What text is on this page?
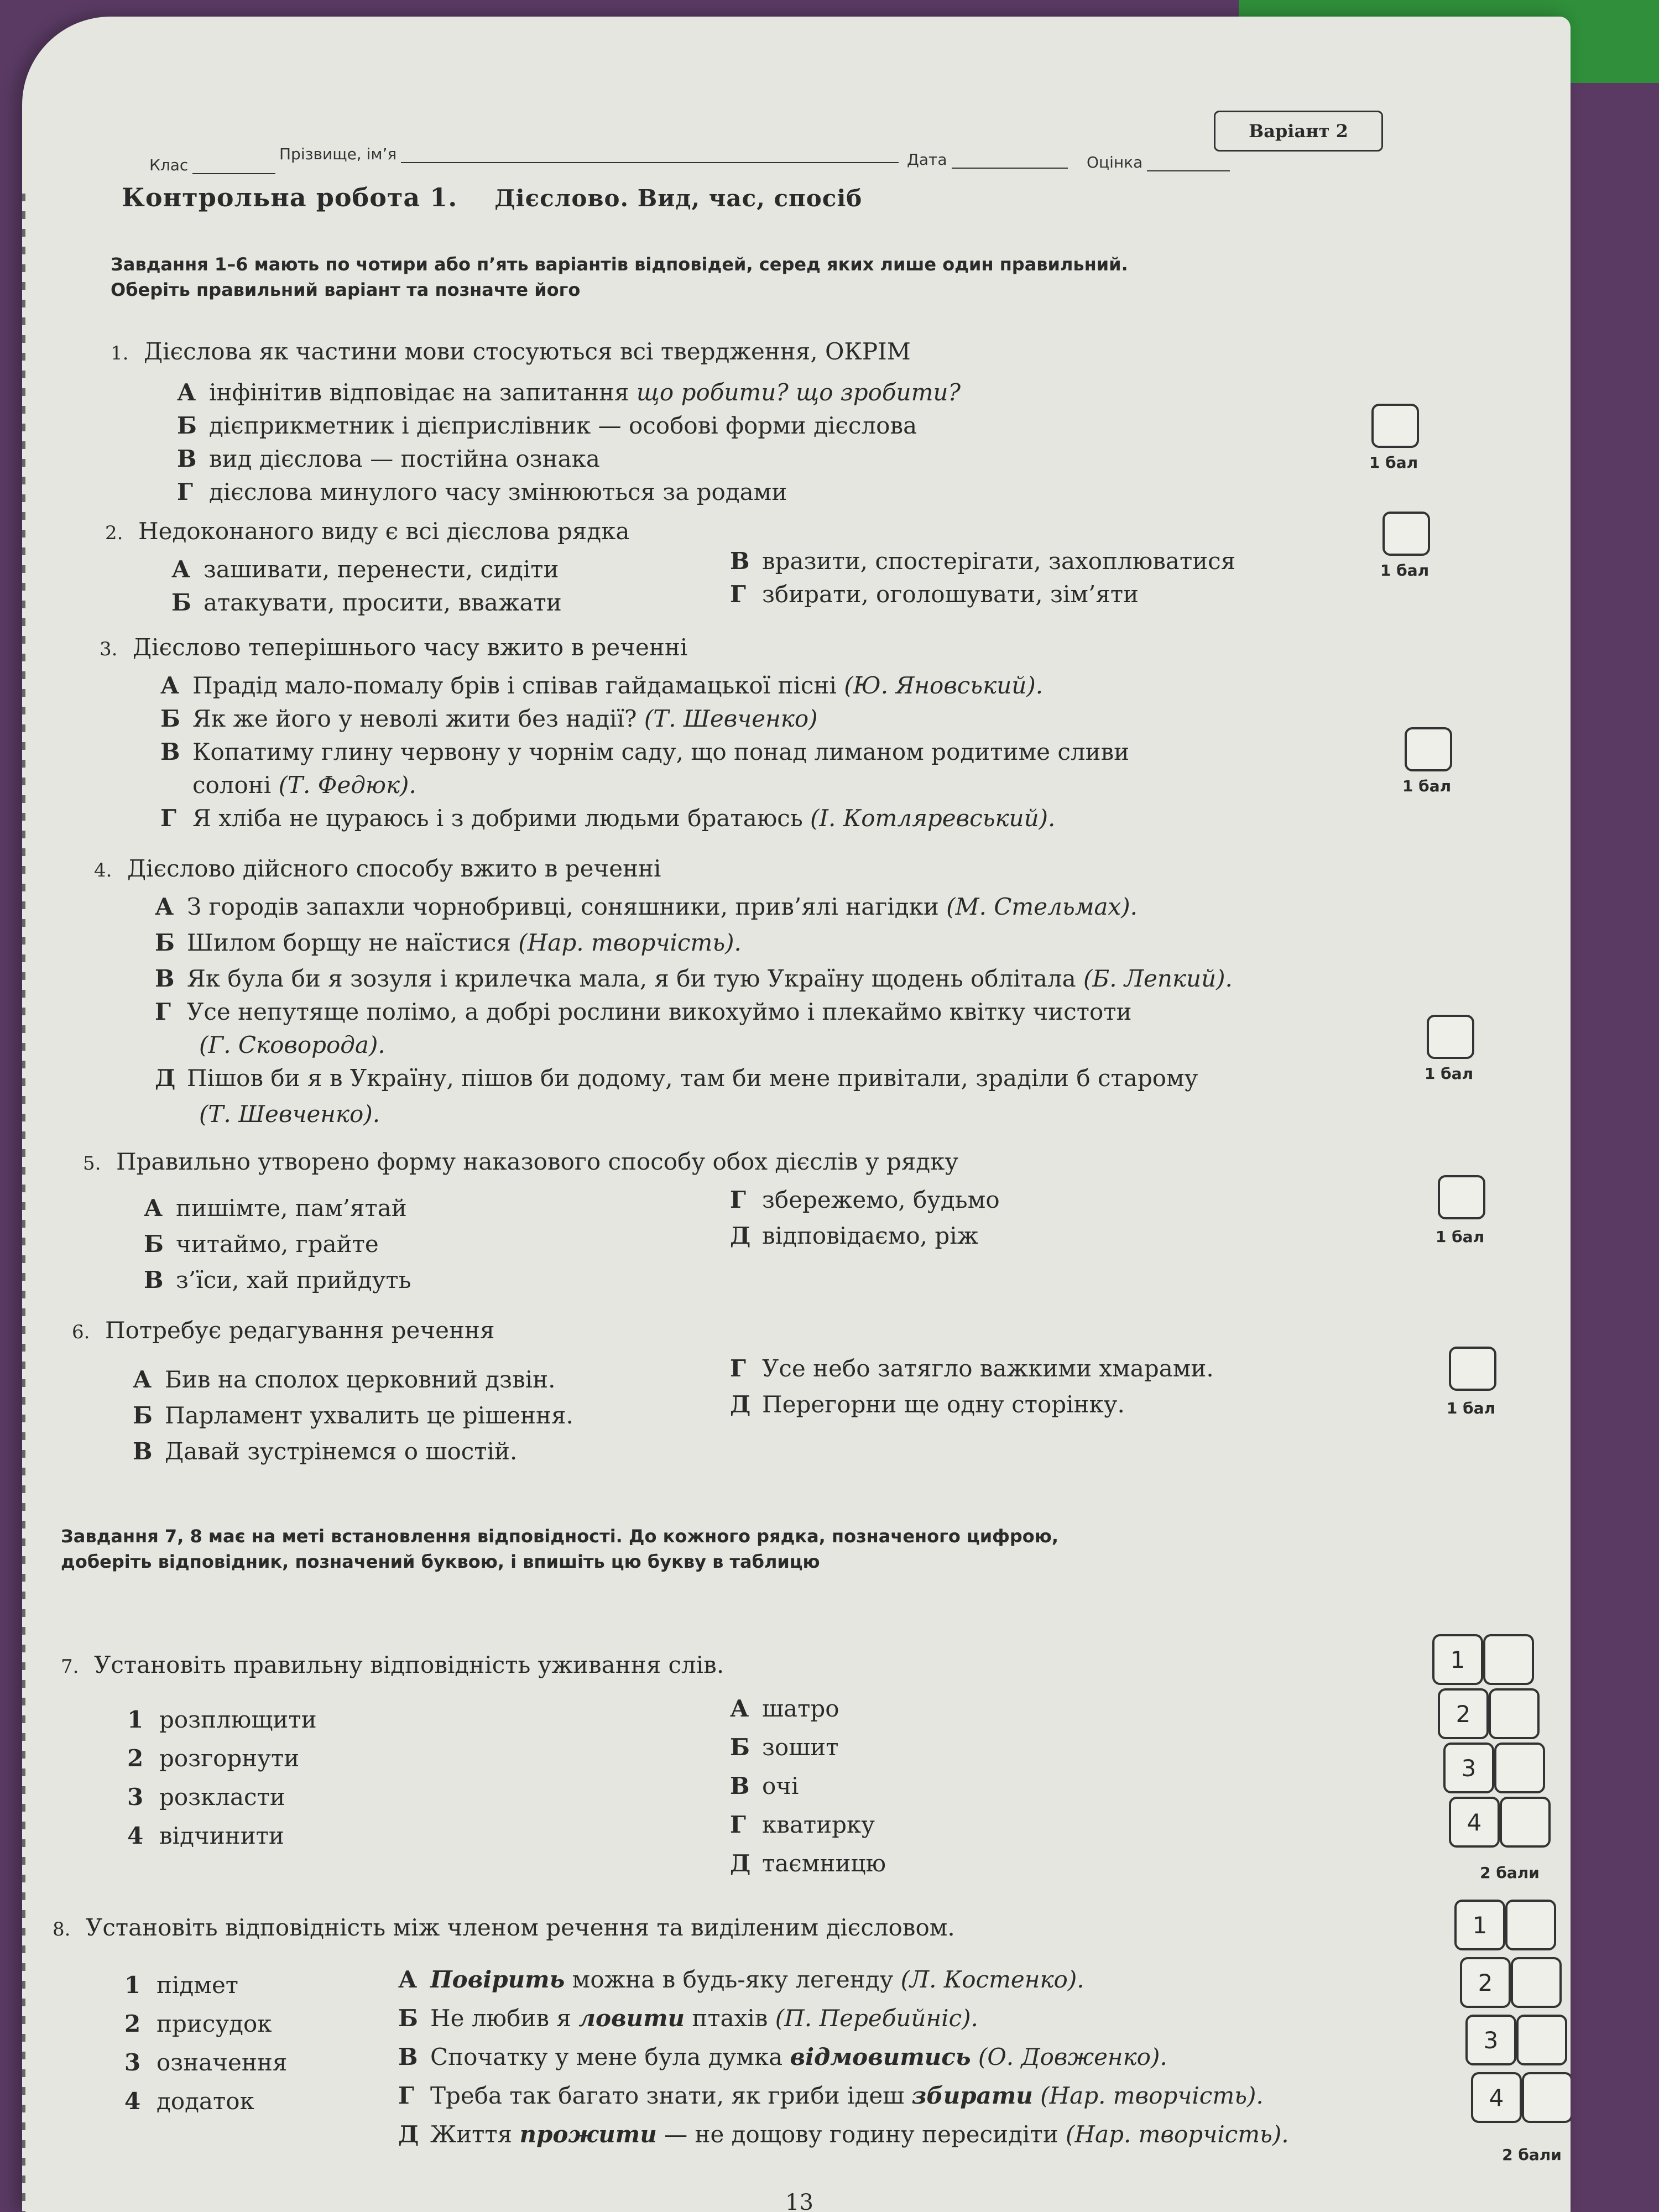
Клас
Прізвище, ім’я	Дата	Оцінка
Варіант 2
Контрольна робота 1. Дієслово. Вид, час, спосіб
Завдання 1–6 мають по чотири або п’ять варіантів відповідей, серед яких лише один правильний.
Оберіть правильний варіант та позначте його
1. Дієслова як частини мови стосуються всі твердження, ОКРІМ
А інфінітив відповідає на запитання що робити? що зробити?
Б дієприкметник і дієприслівник — особові форми дієслова
В вид дієслова — постійна ознака
Г дієслова минулого часу змінюються за родами
1 бал
2. Недоконаного виду є всі дієслова рядка
А зашивати, перенести, сидіти
Б атакувати, просити, вважати
В вразити, спостерігати, захоплюватися
Г збирати, оголошувати, зім’яти
1 бал
3. Дієслово теперішнього часу вжито в реченні
А Прадід мало-помалу брів і співав гайдамацької пісні (Ю. Яновський).
Б Як же його у неволі жити без надії? (Т. Шевченко)
В Копатиму глину червону у чорнім саду, що понад лиманом родитиме сливи
солоні (Т. Федюк).
Г Я хліба не цураюсь і з добрими людьми братаюсь (І. Котляревський).
1 бал
4. Дієслово дійсного способу вжито в реченні
А З городів запахли чорнобривці, соняшники, прив’ялі нагідки (М. Стельмах).
Б Шилом борщу не наїстися (Нар. творчість).
В Як була би я зозуля і крилечка мала, я би тую Україну щодень облітала (Б. Лепкий).
Г Усе непутяще полімо, а добрі рослини викохуймо і плекаймо квітку чистоти
(Г. Сковорода).
Д Пішов би я в Україну, пішов би додому, там би мене привітали, зраділи б старому
(Т. Шевченко).
1 бал
5. Правильно утворено форму наказового способу обох дієслів у рядку
А пишімте, пам’ятай
Б читаймо, грайте
В з’їси, хай прийдуть
Г збережемо, будьмо
Д відповідаємо, ріж	1 бал
6. Потребує редагування речення
А Бив на сполох церковний дзвін.
Б Парламент ухвалить це рішення.
В Давай зустрінемся о шостій.
Г Усе небо затягло важкими хмарами.
Д Перегорни ще одну сторінку.	1 бал
Завдання 7, 8 має на меті встановлення відповідності. До кожного рядка, позначеного цифрою,
доберіть відповідник, позначений буквою, і впишіть цю букву в таблицю
7. Установіть правильну відповідність уживання слів.
1 розплющити
2 розгорнути
3 розкласти
4 відчинити
А шатро
Б зошит
В очі
Г кватирку
Д таємницю
1
2
3
4
2 бали
8. Установіть відповідність між членом речення та виділеним дієсловом.
1 підмет
2 присудок
3 означення
4 додаток
А Повірить можна в будь-яку легенду (Л. Костенко).
Б Не любив я ловити птахів (П. Перебийніс).
В Спочатку у мене була думка відмовитись (О. Довженко).
Г Треба так багато знати, як гриби ідеш збирати (Нар. творчість).
Д Життя прожити — не дощову годину пересидіти (Нар. творчість).
1
2
3
4
2 бали
13
